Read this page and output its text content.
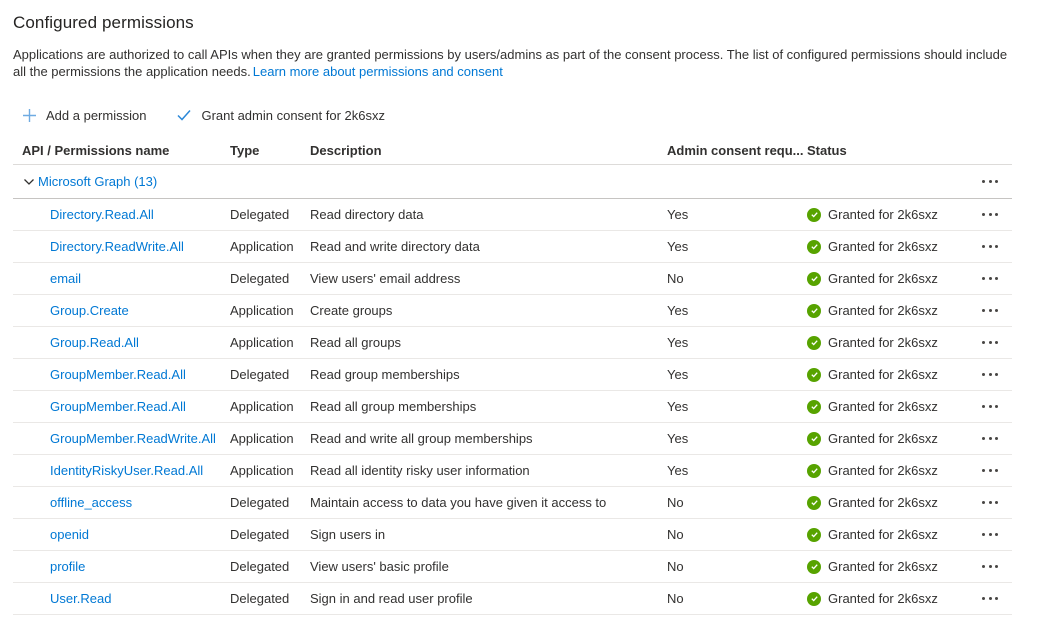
Configured permissions
Applications are authorized to call APIs when they are granted permissions by users/admins as part of the consent process. The list of configured permissions should include all the permissions the application needs. Learn more about permissions and consent
Add a permission	Grant admin consent for 2k6sxz
API / Permissions name	Type	Description	Admin consent requ... Status
Microsoft Graph (13)
Directory.Read.All	Delegated	Read directory data	Yes	Granted for 2k6sxz
Directory.ReadWrite.All	Application	Read and write directory data	Yes	Granted for 2k6sxz
email	Delegated	View users' email address	No	Granted for 2k6sxz
Group.Create	Application	Create groups	Yes	Granted for 2k6sxz
Group.Read.All	Application	Read all groups	Yes	Granted for 2k6sxz
GroupMember.Read.All	Delegated	Read group memberships	Yes	Granted for 2k6sxz
GroupMember.Read.All	Application	Read all group memberships	Yes	Granted for 2k6sxz
GroupMember.ReadWrite.All Application	Read and write all group memberships	Yes	Granted for 2k6sxz
IdentityRiskyUser.Read.All Application	Read all identity risky user information	Yes	Granted for 2k6sxz
offline_access	Delegated	Maintain access to data you have given it access to	No	Granted for 2k6sxz
openid	Delegated	Sign users in	No	Granted for 2k6sxz
profile	Delegated	View users' basic profile	No	Granted for 2k6sxz
User.Read	Delegated	Sign in and read user profile	No	Granted for 2k6sxz
